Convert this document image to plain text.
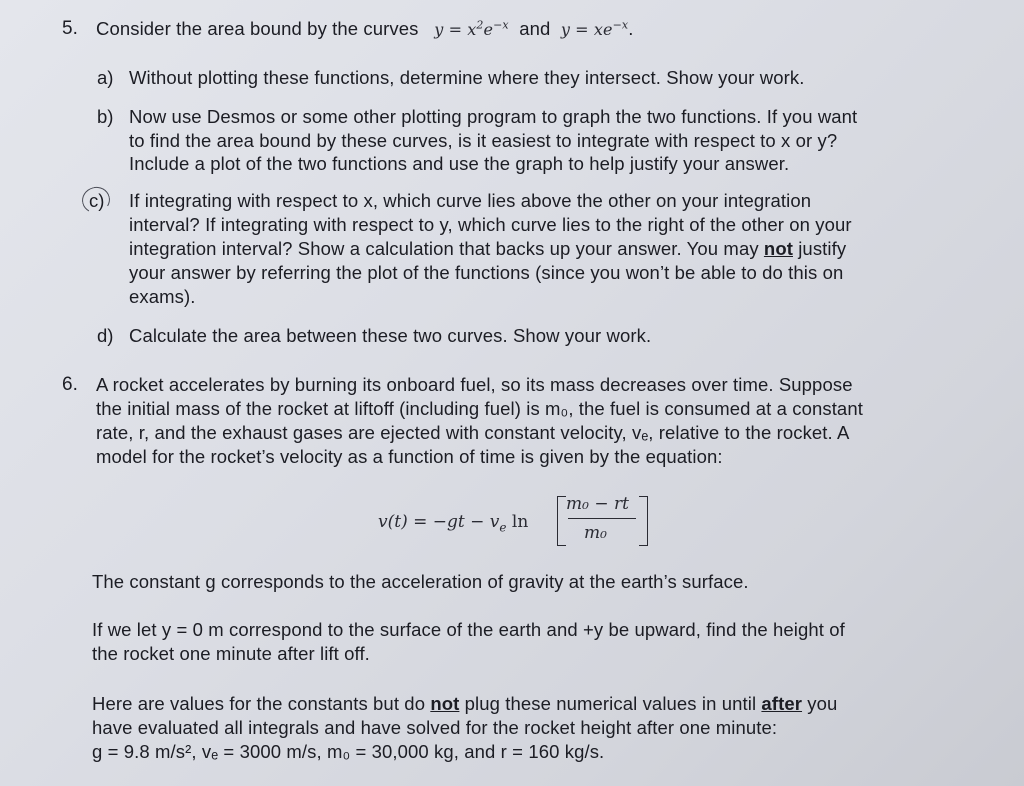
5. Consider the area bound by the curves $y = x^2e^{-x}$ and $y = xe^{-x}$.
a) Without plotting these functions, determine where they intersect. Show your work.
b) Now use Desmos or some other plotting program to graph the two functions. If you want
to find the area bound by these curves, is it easiest to integrate with respect to x or y?
Include a plot of the two functions and use the graph to help justify your answer.
c) If integrating with respect to x, which curve lies above the other on your integration
interval? If integrating with respect to y, which curve lies to the right of the other on your
integration interval? Show a calculation that backs up your answer. You may not justify
your answer by referring the plot of the functions (since you won’t be able to do this on
exams).
d) Calculate the area between these two curves. Show your work.
6. A rocket accelerates by burning its onboard fuel, so its mass decreases over time. Suppose
the initial mass of the rocket at liftoff (including fuel) is m₀, the fuel is consumed at a constant
rate, r, and the exhaust gases are ejected with constant velocity, vₑ, relative to the rocket. A
model for the rocket’s velocity as a function of time is given by the equation:
$v(t) = -gt - v_e$ ln
m₀ − rt
m₀
The constant g corresponds to the acceleration of gravity at the earth’s surface.
If we let y = 0 m correspond to the surface of the earth and +y be upward, find the height of
the rocket one minute after lift off.
Here are values for the constants but do not plug these numerical values in until after you
have evaluated all integrals and have solved for the rocket height after one minute:
g = 9.8 m/s², vₑ = 3000 m/s, m₀ = 30,000 kg, and r = 160 kg/s.
